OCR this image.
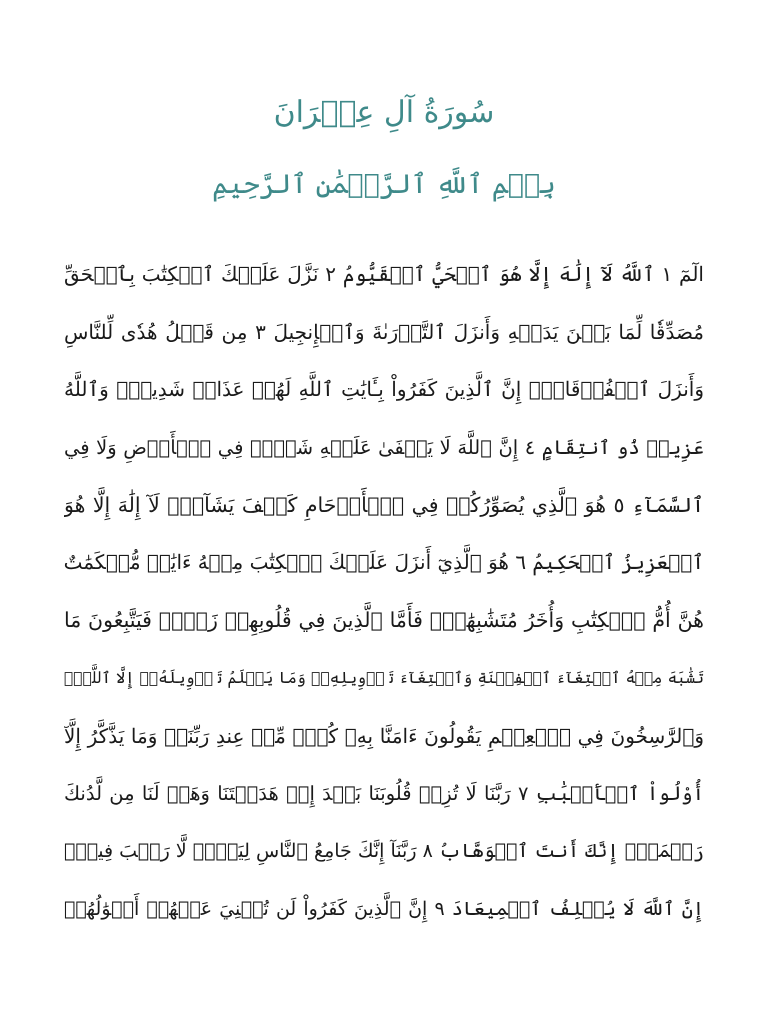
سُورَةُ آلِ عِمۡرَانَ
بِسۡمِ ٱللَّهِ ٱلرَّحۡمَٰنِ ٱلرَّحِيمِ
الٓمٓ ١ ٱللَّهُ لَآ إِلَٰهَ إِلَّا هُوَ ٱلۡحَيُّ ٱلۡقَيُّومُ ٢ نَزَّلَ عَلَيۡكَ ٱلۡكِتَٰبَ بِٱلۡحَقِّ
مُصَدِّقٗا لِّمَا بَيۡنَ يَدَيۡهِ وَأَنزَلَ ٱلتَّوۡرَىٰةَ وَٱلۡإِنجِيلَ ٣ مِن قَبۡلُ هُدٗى لِّلنَّاسِ
وَأَنزَلَ ٱلۡفُرۡقَانَۗ إِنَّ ٱلَّذِينَ كَفَرُواْ بِـَٔايَٰتِ ٱللَّهِ لَهُمۡ عَذَابٞ شَدِيدٞۗ وَٱللَّهُ
عَزِيزٞ ذُو ٱنتِقَامٍ ٤ إِنَّ ٱللَّهَ لَا يَخۡفَىٰ عَلَيۡهِ شَيۡءٞ فِي ٱلۡأَرۡضِ وَلَا فِي
ٱلسَّمَآءِ ٥ هُوَ ٱلَّذِي يُصَوِّرُكُمۡ فِي ٱلۡأَرۡحَامِ كَيۡفَ يَشَآءُۚ لَآ إِلَٰهَ إِلَّا هُوَ
ٱلۡعَزِيزُ ٱلۡحَكِيمُ ٦ هُوَ ٱلَّذِيٓ أَنزَلَ عَلَيۡكَ ٱلۡكِتَٰبَ مِنۡهُ ءَايَٰتٞ مُّحۡكَمَٰتٌ
هُنَّ أُمُّ ٱلۡكِتَٰبِ وَأُخَرُ مُتَشَٰبِهَٰتٞۖ فَأَمَّا ٱلَّذِينَ فِي قُلُوبِهِمۡ زَيۡغٞ فَيَتَّبِعُونَ مَا
تَشَٰبَهَ مِنۡهُ ٱبۡتِغَآءَ ٱلۡفِتۡنَةِ وَٱبۡتِغَآءَ تَأۡوِيلِهِۦۖ وَمَا يَعۡلَمُ تَأۡوِيلَهُۥٓ إِلَّا ٱللَّهُۗ
وَٱلرَّٰسِخُونَ فِي ٱلۡعِلۡمِ يَقُولُونَ ءَامَنَّا بِهِۦ كُلّٞ مِّنۡ عِندِ رَبِّنَاۗ وَمَا يَذَّكَّرُ إِلَّآ
أُوْلُواْ ٱلۡأَلۡبَٰبِ ٧ رَبَّنَا لَا تُزِغۡ قُلُوبَنَا بَعۡدَ إِذۡ هَدَيۡتَنَا وَهَبۡ لَنَا مِن لَّدُنكَ
رَحۡمَةًۚ إِنَّكَ أَنتَ ٱلۡوَهَّابُ ٨ رَبَّنَآ إِنَّكَ جَامِعُ ٱلنَّاسِ لِيَوۡمٖ لَّا رَيۡبَ فِيهِۚ
إِنَّ ٱللَّهَ لَا يُخۡلِفُ ٱلۡمِيعَادَ ٩ إِنَّ ٱلَّذِينَ كَفَرُواْ لَن تُغۡنِيَ عَنۡهُمۡ أَمۡوَٰلُهُمۡ
